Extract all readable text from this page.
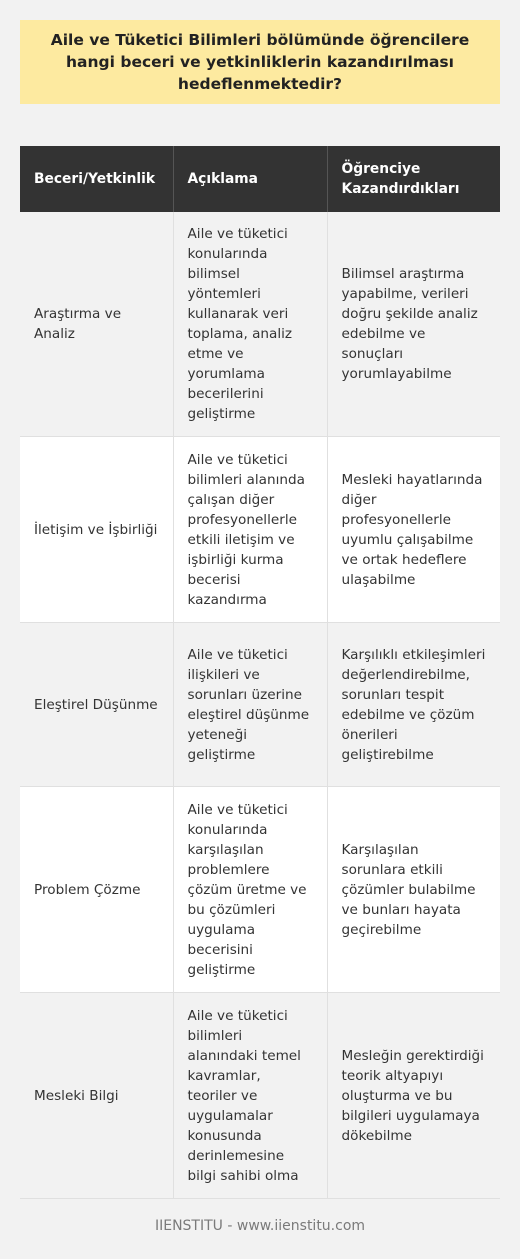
Aile ve Tüketici Bilimleri bölümünde öğrencilere hangi beceri ve yetkinliklerin kazandırılması hedeflenmektedir?
Beceri/Yetkinlik	Açıklama	Öğrenciye Kazandırdıkları
Araştırma ve Analiz	Aile ve tüketici konularında bilimsel yöntemleri kullanarak veri toplama, analiz etme ve yorumlama becerilerini geliştirme	Bilimsel araştırma yapabilme, verileri doğru şekilde analiz edebilme ve sonuçları yorumlayabilme
İletişim ve İşbirliği	Aile ve tüketici bilimleri alanında çalışan diğer profesyonellerle etkili iletişim ve işbirliği kurma becerisi kazandırma	Mesleki hayatlarında diğer profesyonellerle uyumlu çalışabilme ve ortak hedeflere ulaşabilme
Eleştirel Düşünme	Aile ve tüketici ilişkileri ve sorunları üzerine eleştirel düşünme yeteneği geliştirme	Karşılıklı etkileşimleri değerlendirebilme, sorunları tespit edebilme ve çözüm önerileri geliştirebilme
Problem Çözme	Aile ve tüketici konularında karşılaşılan problemlere çözüm üretme ve bu çözümleri uygulama becerisini geliştirme	Karşılaşılan sorunlara etkili çözümler bulabilme ve bunları hayata geçirebilme
Mesleki Bilgi	Aile ve tüketici bilimleri alanındaki temel kavramlar, teoriler ve uygulamalar konusunda derinlemesine bilgi sahibi olma	Mesleğin gerektirdiği teorik altyapıyı oluşturma ve bu bilgileri uygulamaya dökebilme
IIENSTITU - www.iienstitu.com
